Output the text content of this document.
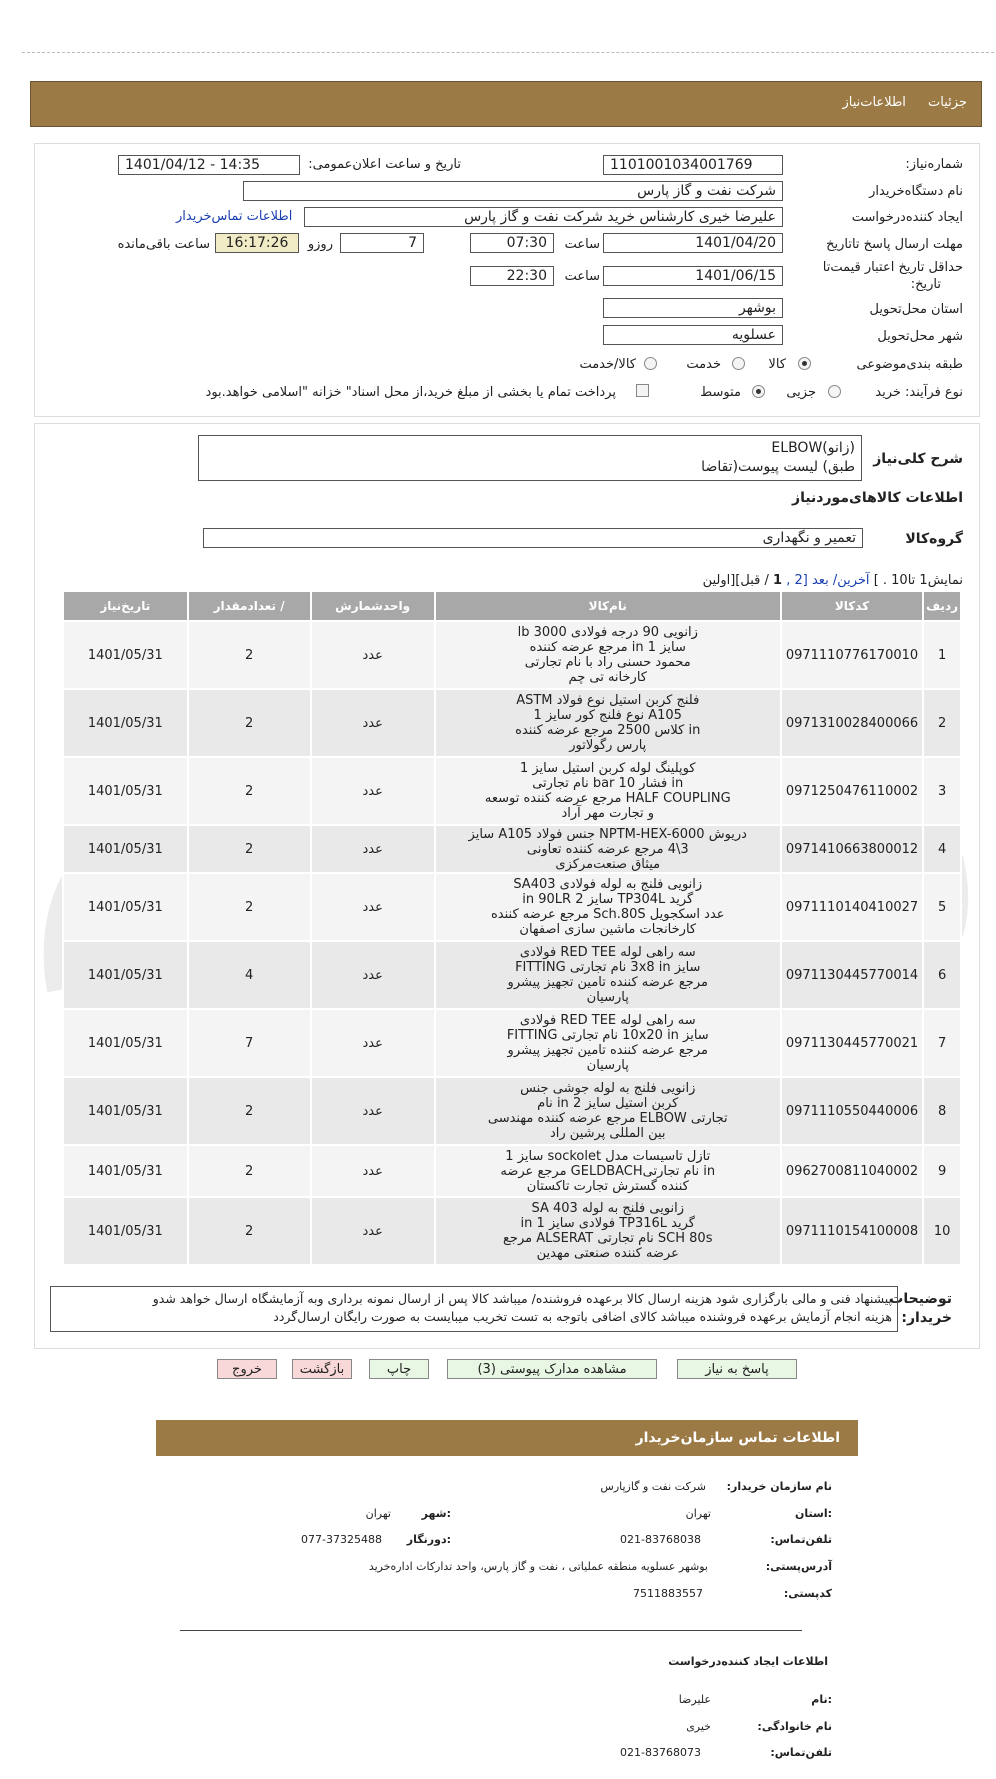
جزئیات اطلاعات‌نیاز
شماره‌نیاز:
1101001034001769
تاریخ و ساعت اعلان‌عمومی:
1401/04/12 - 14:35
نام دستگاه‌خریدار
شرکت نفت و گاز پارس
ایجاد کننده‌درخواست
علیرضا خیری کارشناس خرید شرکت نفت و گاز پارس
اطلاعات تماس‌خریدار
مهلت ارسال پاسخ تا‌تاریخ
1401/04/20
ساعت
07:30
7
روزو
16:17:26
ساعت باقی‌مانده
حداقل تاریخ اعتبار قیمت‌تا
تاریخ:
1401/06/15
ساعت
22:30
استان محل‌تحویل
بوشهر
شهر محل‌تحویل
عسلویه
طبقه بندی‌موضوعی
کالا
خدمت
کالا/خدمت
نوع فرآیند: خرید
جزیی
متوسط
پرداخت تمام یا بخشی از مبلغ خرید،از محل اسناد" خزانه "اسلامی خواهد.بود
شرح کلی‌نیاز
(زانو)ELBOW
طبق) لیست پیوست(تقاضا
اطلاعات کالاهای‌موردنیاز
گروه‌کالا
تعمیر و نگهداری
نمایش1 تا10 . ] آخرین/ بعد [2 , 1 / قبل][اولین
ردیف	کدکالا	نام‌کالا	واحدشمارش	/ تعدادمقدار	تاریخ‌نیاز
1	0971110776170010	زانویی 90 درجه فولادی 3000 lb
سایز 1 in مرجع عرضه کننده
محمود حسنی راد با نام تجارتی
کارخانه تی چم	عدد	2	1401/05/31
2	0971310028400066	فلنج کربن استیل نوع فولاد ASTM
A105 نوع فلنج کور سایز 1
in کلاس 2500 مرجع عرضه کننده
پارس رگولاتور	عدد	2	1401/05/31
3	0971250476110002	کوپلینگ لوله کربن استیل سایز 1
in فشار 10 bar نام تجارتی
HALF COUPLING مرجع عرضه کننده توسعه
و تجارت مهر آراد	عدد	2	1401/05/31
4	0971410663800012	دریوش NPTM-HEX-6000 جنس فولاد A105 سایز
3\4 مرجع عرضه کننده تعاونی
میثاق صنعت‌مرکزی	عدد	2	1401/05/31
5	0971110140410027	زانویی فلنج به لوله فولادی SA403
گرید TP304L سایز 2 in 90LR
عدد اسکجویل Sch.80S مرجع عرضه کننده
کارخانجات ماشین سازی اصفهان	عدد	2	1401/05/31
6	0971130445770014	سه راهی لوله RED TEE فولادی
سایز 3x8 in نام تجارتی FITTING
مرجع عرضه کننده تامین تجهیز پیشرو
پارسیان	عدد	4	1401/05/31
7	0971130445770021	سه راهی لوله RED TEE فولادی
سایز 10x20 in نام تجارتی FITTING
مرجع عرضه کننده تامین تجهیز پیشرو
پارسیان	عدد	7	1401/05/31
8	0971110550440006	زانویی فلنج به لوله جوشی جنس
کربن استیل سایز 2 in نام
تجارتی ELBOW مرجع عرضه کننده مهندسی
بین المللی پرشین راد	عدد	2	1401/05/31
9	0962700811040002	تازل تاسیسات مدل sockolet سایز 1
in نام تجارتیGELDBACH مرجع عرضه
کننده گسترش تجارت تاکستان	عدد	2	1401/05/31
10	0971110154100008	زانویی فلنج به لوله SA 403
گرید TP316L فولادی سایز 1 in
SCH 80s نام تجارتی ALSERAT مرجع
عرضه کننده صنعتی مهدین	عدد	2	1401/05/31
توضیحات
خریدار:
پیشنهاد فنی و مالی بارگزاری شود هزینه ارسال کالا برعهده فروشنده/ میباشد کالا پس از ارسال نمونه برداری وبه آزمایشگاه ارسال خواهد شدو
هزینه انجام آزمایش برعهده فروشنده میباشد کالای اضافی باتوجه به تست تخریب میبایست به صورت رایگان ارسال‌گردد
پاسخ به نیاز
مشاهده مدارک پیوستی (3)
چاپ
بازگشت
خروج
اطلاعات تماس سازمان‌خریدار
نام سازمان‌ خریدار:
شرکت نفت و گازپارس
:استان
تهران
:شهر
تهران
تلفن‌تماس:
021-83768038
:دورنگار
077-37325488
آدرس‌پستی:
بوشهر عسلویه منطقه عملیاتی ، نفت و گاز پارس، واحد تداركات اداره‌خرید
کد‌پستی:
7511883557
اطلاعات ایجاد کننده‌درخواست
:نام
علیرضا
نام خانوادگی:
خیری
تلفن‌تماس:
021-83768073
